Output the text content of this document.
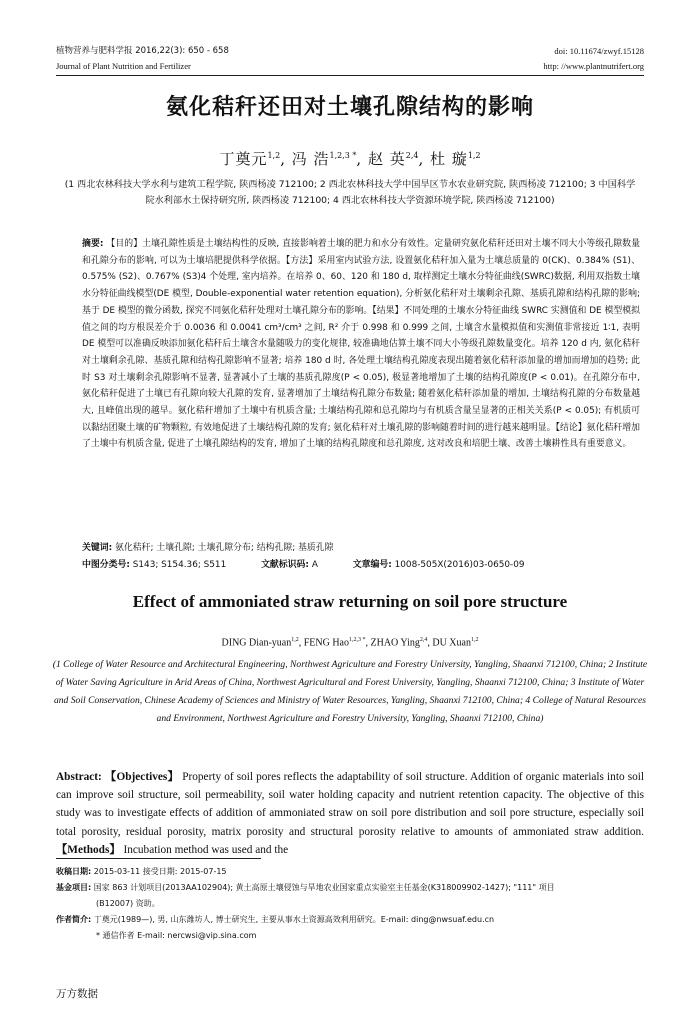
植物营养与肥料学报 2016,22(3): 650 - 658	doi: 10.11674/zwyf.15128
Journal of Plant Nutrition and Fertilizer	http: //www.plantnutrifert.org
氨化秸秆还田对土壤孔隙结构的影响
丁奠元$^{1,2}$, 冯 浩$^{1,2,3 *}$, 赵 英$^{2,4}$, 杜 璇$^{1,2}$
(1 西北农林科技大学水利与建筑工程学院, 陕西杨凌 712100; 2 西北农林科技大学中国旱区节水农业研究院, 陕西杨凌 712100; 3 中国科学院水利部水土保持研究所, 陕西杨凌 712100; 4 西北农林科技大学资源环境学院, 陕西杨凌 712100)
摘要: 【目的】土壤孔隙性质是土壤结构性的反映, 直接影响着土壤的肥力和水分有效性。定量研究氨化秸秆还田对土壤不同大小等级孔隙数量和孔隙分布的影响, 可以为土壤培肥提供科学依据。【方法】采用室内试验方法, 设置氨化秸秆加入量为土壤总质量的 0(CK)、0.384% (S1)、0.575% (S2)、0.767% (S3)4 个处理, 室内培养。在培养 0、60、120 和 180 d, 取样测定土壤水分特征曲线(SWRC)数据, 利用双指数土壤水分特征曲线模型(DE 模型, Double-exponential water retention equation), 分析氨化秸秆对土壤剩余孔隙、基质孔隙和结构孔隙的影响; 基于 DE 模型的微分函数, 探究不同氨化秸秆处理对土壤孔隙分布的影响。【结果】不同处理的土壤水分特征曲线 SWRC 实测值和 DE 模型模拟值之间的均方根误差介于 0.0036 和 0.0041 cm³/cm³ 之间, R² 介于 0.998 和 0.999 之间, 土壤含水量模拟值和实测值非常接近 1∶1, 表明 DE 模型可以准确反映添加氨化秸秆后土壤含水量随吸力的变化规律, 较准确地估算土壤不同大小等级孔隙数量变化。培养 120 d 内, 氨化秸秆对土壤剩余孔隙、基质孔隙和结构孔隙影响不显著; 培养 180 d 时, 各处理土壤结构孔隙度表现出随着氨化秸秆添加量的增加而增加的趋势; 此时 S3 对土壤剩余孔隙影响不显著, 显著减小了土壤的基质孔隙度(P < 0.05), 极显著地增加了土壤的结构孔隙度(P < 0.01)。在孔隙分布中, 氨化秸秆促进了土壤已有孔隙向较大孔隙的发育, 显著增加了土壤结构孔隙分布数量; 随着氨化秸秆添加量的增加, 土壤结构孔隙的分布数量越大, 且峰值出现的越早。氨化秸秆增加了土壤中有机质含量; 土壤结构孔隙和总孔隙均与有机质含量呈显著的正相关关系(P < 0.05); 有机质可以黏结团聚土壤的矿物颗粒, 有效地促进了土壤结构孔隙的发育; 氨化秸秆对土壤孔隙的影响随着时间的进行越来越明显。【结论】氨化秸秆增加了土壤中有机质含量, 促进了土壤孔隙结构的发育, 增加了土壤的结构孔隙度和总孔隙度, 这对改良和培肥土壤、改善土壤耕性具有重要意义。
关键词: 氨化秸秆; 土壤孔隙; 土壤孔隙分布; 结构孔隙; 基质孔隙
中图分类号: S143; S154.36; S511	文献标识码: A	文章编号: 1008-505X(2016)03-0650-09
Effect of ammoniated straw returning on soil pore structure
DING Dian-yuan$^{1,2}$, FENG Hao$^{1,2,3 *}$, ZHAO Ying$^{2,4}$, DU Xuan$^{1,2}$
(1 College of Water Resource and Architectural Engineering, Northwest Agriculture and Forestry University, Yangling, Shaanxi 712100, China; 2 Institute of Water Saving Agriculture in Arid Areas of China, Northwest Agricultural and Forest University, Yangling, Shaanxi 712100, China; 3 Institute of Water and Soil Conservation, Chinese Academy of Sciences and Ministry of Water Resources, Yangling, Shaanxi 712100, China; 4 College of Natural Resources and Environment, Northwest Agriculture and Forestry University, Yangling, Shaanxi 712100, China)
Abstract: 【Objectives】 Property of soil pores reflects the adaptability of soil structure. Addition of organic materials into soil can improve soil structure, soil permeability, soil water holding capacity and nutrient retention capacity. The objective of this study was to investigate effects of addition of ammoniated straw on soil pore distribution and soil pore structure, especially soil total porosity, residual porosity, matrix porosity and structural porosity relative to amounts of ammoniated straw addition. 【Methods】 Incubation method was used and the
收稿日期: 2015-03-11 接受日期: 2015-07-15
基金项目: 国家 863 计划项目(2013AA102904); 黄土高原土壤侵蚀与旱地农业国家重点实验室主任基金(K318009902-1427); "111" 项目
(B12007) 资助。
作者简介: 丁奠元(1989—), 男, 山东潍坊人, 博士研究生, 主要从事水土资源高效利用研究。E-mail: ding@nwsuaf.edu.cn
* 通信作者 E-mail: nercwsi@vip.sina.com
万方数据
